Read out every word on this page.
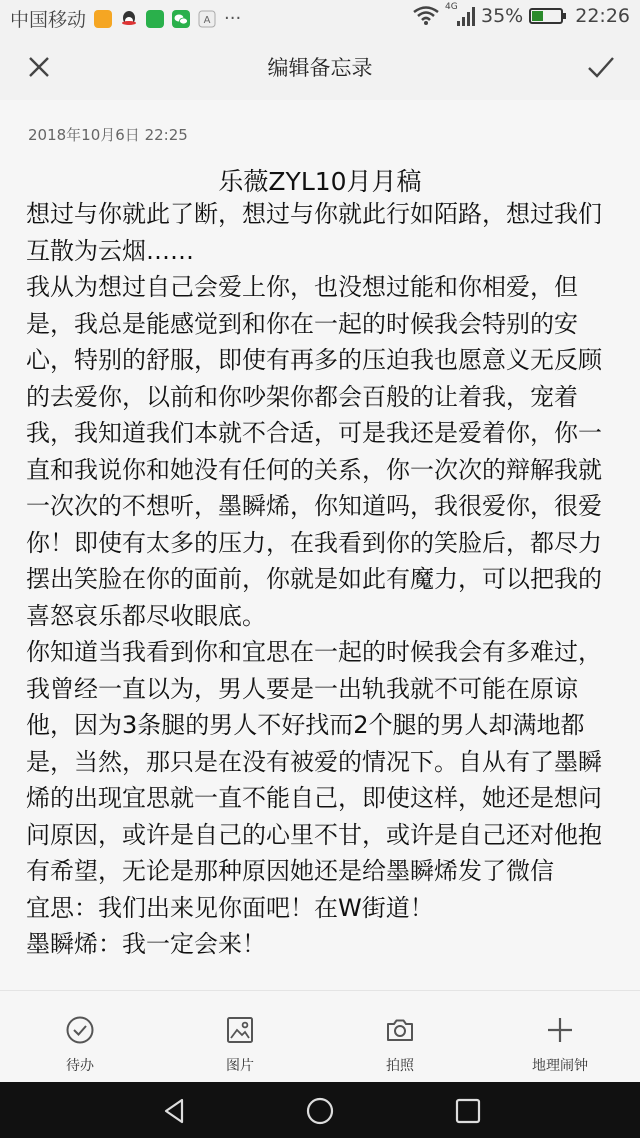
中国移动	A ···
4G 35%	22:26
编辑备忘录
2018年10月6日 22:25
乐薇ZYL10月月稿

想过与你就此了断，想过与你就此行如陌路，想过我们互散为云烟……

我从为想过自己会爱上你，也没想过能和你相爱，但是，我总是能感觉到和你在一起的时候我会特别的安心，特别的舒服，即使有再多的压迫我也愿意义无反顾的去爱你，以前和你吵架你都会百般的让着我，宠着我，我知道我们本就不合适，可是我还是爱着你，你一直和我说你和她没有任何的关系，你一次次的辩解我就一次次的不想听，墨瞬烯，你知道吗，我很爱你，很爱你！即使有太多的压力，在我看到你的笑脸后，都尽力摆出笑脸在你的面前，你就是如此有魔力，可以把我的喜怒哀乐都尽收眼底。

你知道当我看到你和宜思在一起的时候我会有多难过，我曾经一直以为，男人要是一出轨我就不可能在原谅他，因为3条腿的男人不好找而2个腿的男人却满地都是，当然，那只是在没有被爱的情况下。自从有了墨瞬烯的出现宜思就一直不能自己，即使这样，她还是想问问原因，或许是自己的心里不甘，或许是自己还对他抱有希望，无论是那种原因她还是给墨瞬烯发了微信

宜思：我们出来见你面吧！在W街道！

墨瞬烯：我一定会来！

待办	图片	拍照	地理闹钟
